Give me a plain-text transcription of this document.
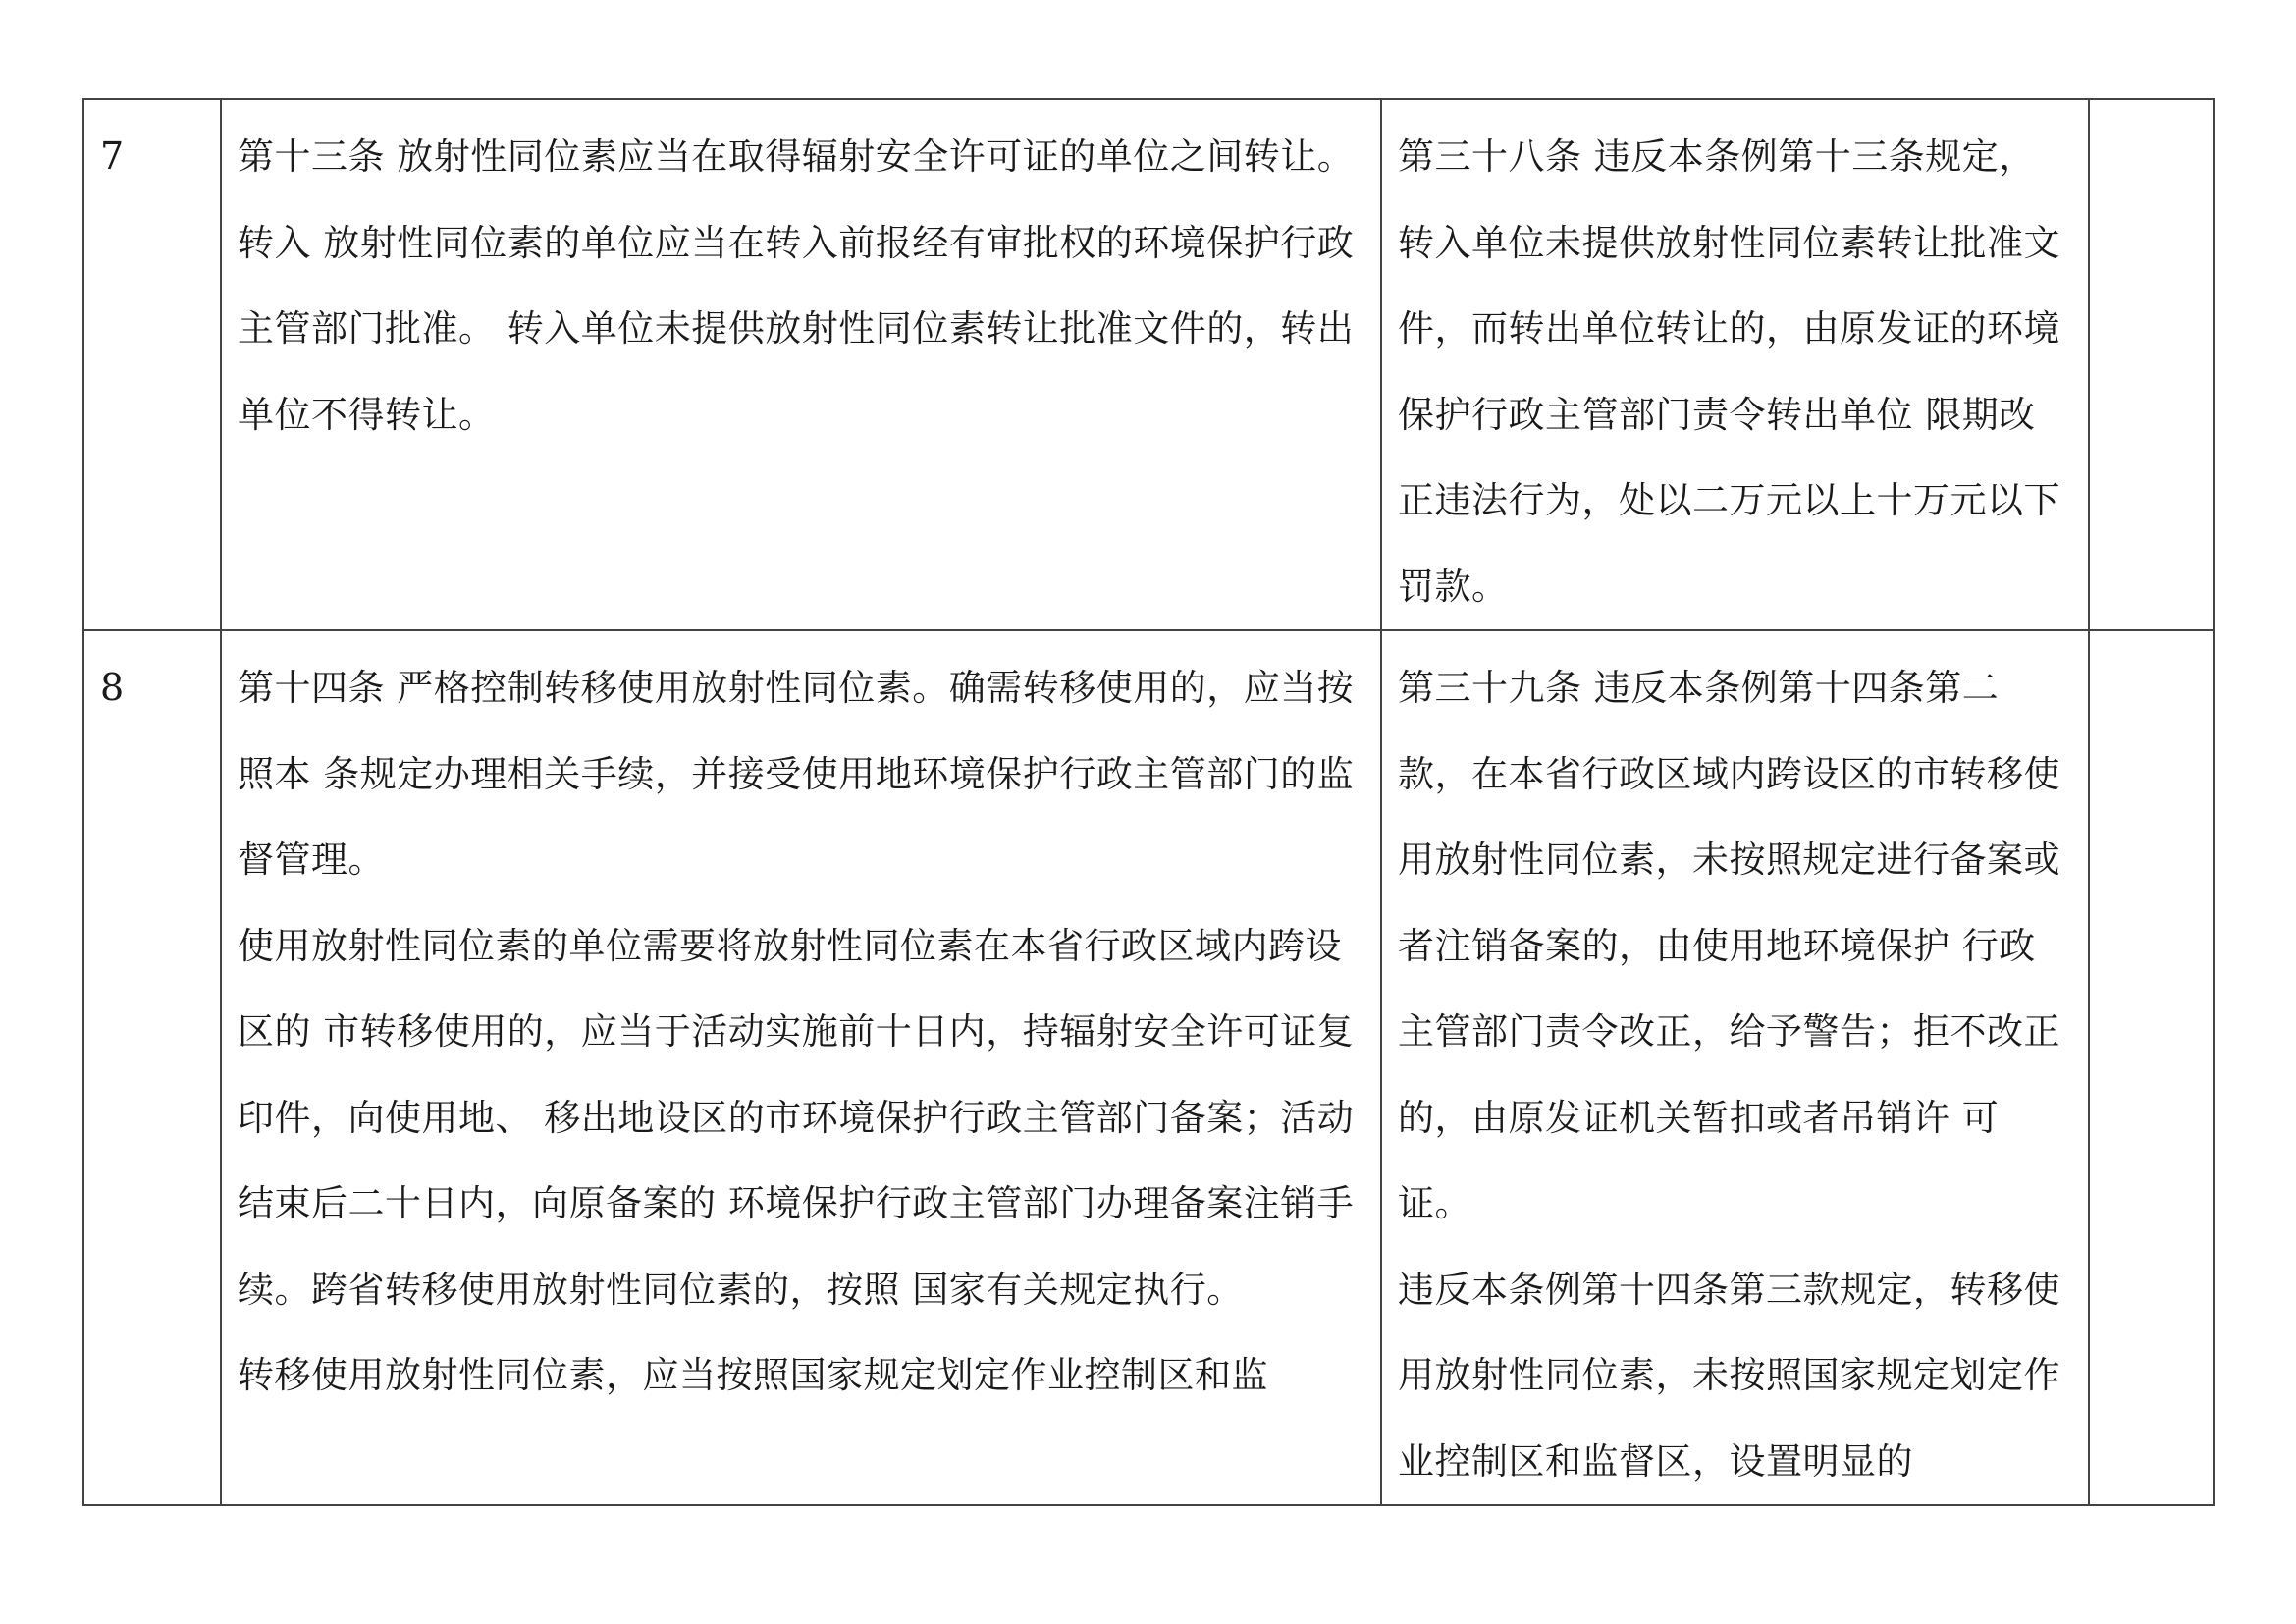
7	第十三条 放射性同位素应当在取得辐射安全许可证的单位之间转让。转入 放射性同位素的单位应当在转入前报经有审批权的环境保护行政主管部门批准。 转入单位未提供放射性同位素转让批准文件的，转出单位不得转让。	第三十八条 违反本条例第十三条规定，转入单位未提供放射性同位素转让批准文件，而转出单位转让的，由原发证的环境保护行政主管部门责令转出单位 限期改正违法行为，处以二万元以上十万元以下罚款。	

8	第十四条 严格控制转移使用放射性同位素。确需转移使用的，应当按照本 条规定办理相关手续，并接受使用地环境保护行政主管部门的监督管理。
使用放射性同位素的单位需要将放射性同位素在本省行政区域内跨设区的 市转移使用的，应当于活动实施前十日内，持辐射安全许可证复印件，向使用地、 移出地设区的市环境保护行政主管部门备案；活动结束后二十日内，向原备案的 环境保护行政主管部门办理备案注销手续。跨省转移使用放射性同位素的，按照 国家有关规定执行。
转移使用放射性同位素，应当按照国家规定划定作业控制区和监	第三十九条 违反本条例第十四条第二款，在本省行政区域内跨设区的市转移使用放射性同位素，未按照规定进行备案或者注销备案的，由使用地环境保护 行政主管部门责令改正，给予警告；拒不改正的，由原发证机关暂扣或者吊销许 可证。
违反本条例第十四条第三款规定，转移使用放射性同位素，未按照国家规定划定作业控制区和监督区，设置明显的	
